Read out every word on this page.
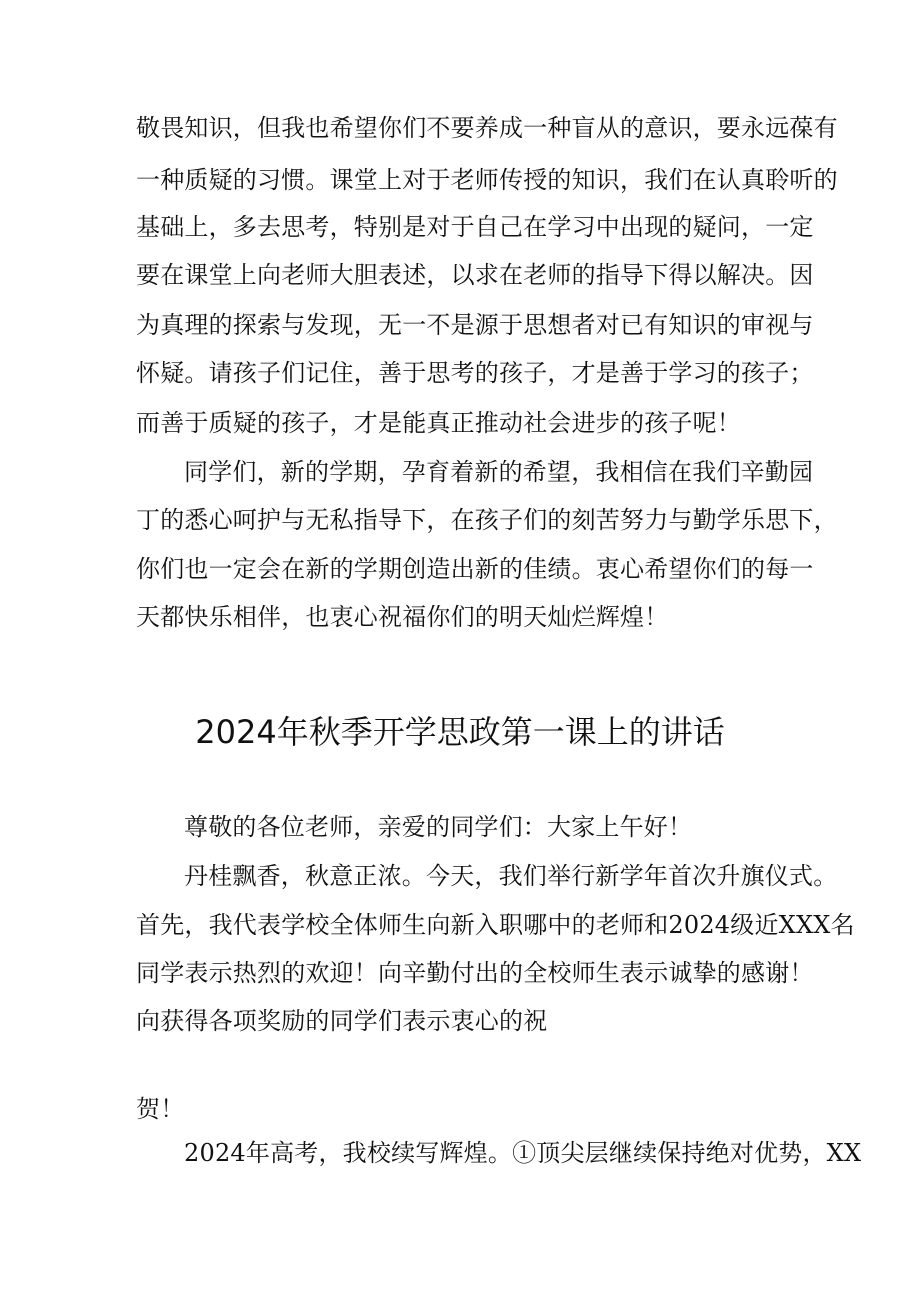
敬畏知识，但我也希望你们不要养成一种盲从的意识，要永远葆有
一种质疑的习惯。课堂上对于老师传授的知识，我们在认真聆听的
基础上，多去思考，特别是对于自己在学习中出现的疑问，一定
要在课堂上向老师大胆表述，以求在老师的指导下得以解决。因
为真理的探索与发现，无一不是源于思想者对已有知识的审视与
怀疑。请孩子们记住，善于思考的孩子，才是善于学习的孩子；
而善于质疑的孩子，才是能真正推动社会进步的孩子呢！
同学们，新的学期，孕育着新的希望，我相信在我们辛勤园
丁的悉心呵护与无私指导下，在孩子们的刻苦努力与勤学乐思下，
你们也一定会在新的学期创造出新的佳绩。衷心希望你们的每一
天都快乐相伴，也衷心祝福你们的明天灿烂辉煌！
2024年秋季开学思政第一课上的讲话
尊敬的各位老师，亲爱的同学们：大家上午好！
丹桂飘香，秋意正浓。今天，我们举行新学年首次升旗仪式。
首先，我代表学校全体师生向新入职哪中的老师和2024级近XXX名
同学表示热烈的欢迎！向辛勤付出的全校师生表示诚挚的感谢！
向获得各项奖励的同学们表示衷心的祝
贺！
2024年高考，我校续写辉煌。①顶尖层继续保持绝对优势，XX
